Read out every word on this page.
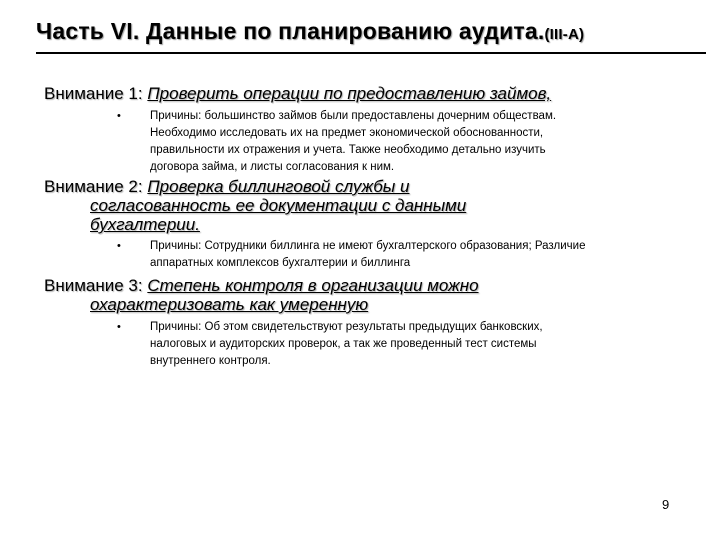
Часть VI. Данные по планированию аудита.(III-A)
Внимание 1: Проверить операции по предоставлению займов,
•	Причины: большинство займов были предоставлены дочерним обществам.
Необходимо исследовать их на предмет экономической обоснованности,
правильности их отражения и учета. Также необходимо детально изучить
договора займа, и листы согласования к ним.
Внимание 2: Проверка биллинговой службы и
согласованность ее документации с данными
бухгалтерии.
•	Причины: Сотрудники биллинга не имеют бухгалтерского образования; Различие
аппаратных комплексов бухгалтерии и биллинга
Внимание 3: Степень контроля в организации можно
охарактеризовать как умеренную
•	Причины: Об этом свидетельствуют результаты предыдущих банковских,
налоговых и аудиторских проверок, а так же проведенный тест системы
внутреннего контроля.
9
